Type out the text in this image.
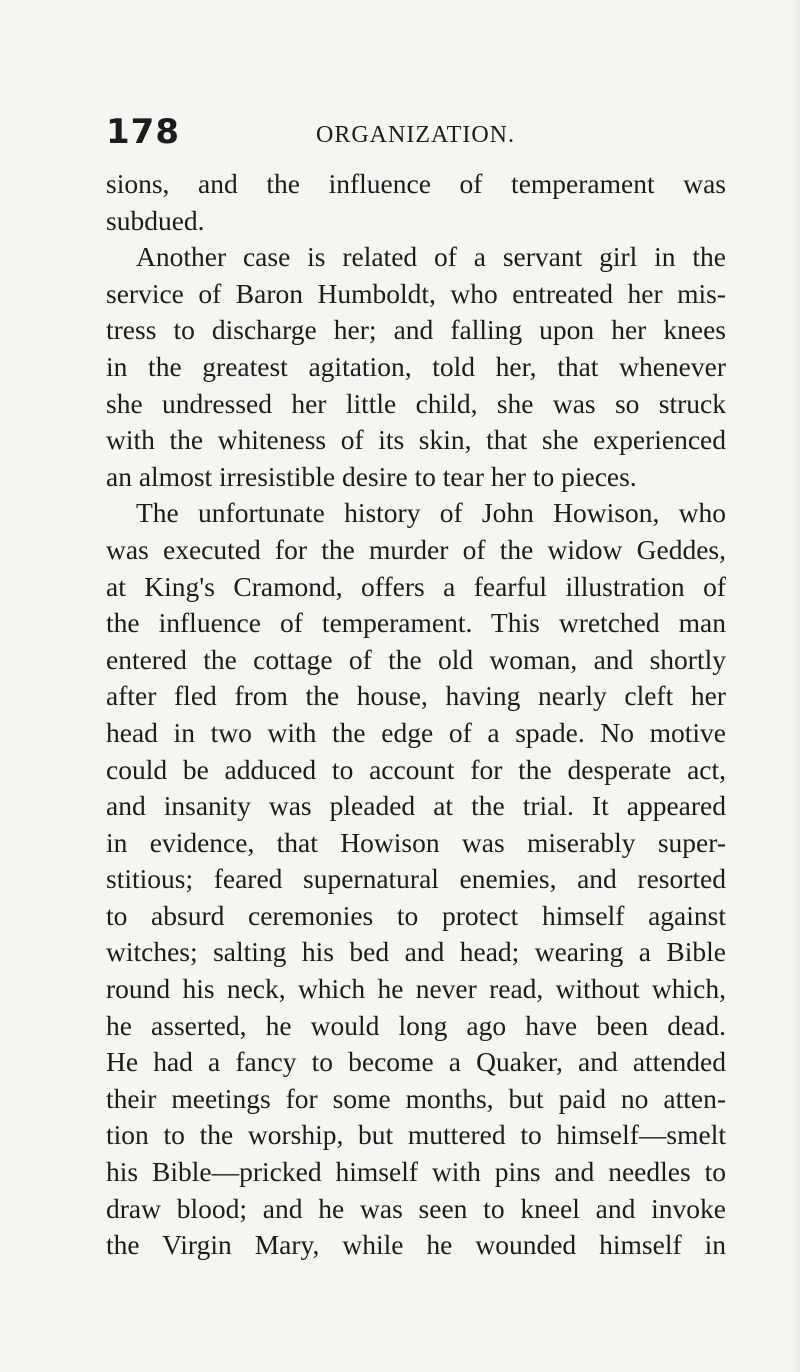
178	ORGANIZATION.
sions, and the influence of temperament was
subdued.
Another case is related of a servant girl in the
service of Baron Humboldt, who entreated her mis-
tress to discharge her; and falling upon her knees
in the greatest agitation, told her, that whenever
she undressed her little child, she was so struck
with the whiteness of its skin, that she experienced
an almost irresistible desire to tear her to pieces.
The unfortunate history of John Howison, who
was executed for the murder of the widow Geddes,
at King's Cramond, offers a fearful illustration of
the influence of temperament. This wretched man
entered the cottage of the old woman, and shortly
after fled from the house, having nearly cleft her
head in two with the edge of a spade. No motive
could be adduced to account for the desperate act,
and insanity was pleaded at the trial. It appeared
in evidence, that Howison was miserably super-
stitious; feared supernatural enemies, and resorted
to absurd ceremonies to protect himself against
witches; salting his bed and head; wearing a Bible
round his neck, which he never read, without which,
he asserted, he would long ago have been dead.
He had a fancy to become a Quaker, and attended
their meetings for some months, but paid no atten-
tion to the worship, but muttered to himself—smelt
his Bible—pricked himself with pins and needles to
draw blood; and he was seen to kneel and invoke
the Virgin Mary, while he wounded himself in
